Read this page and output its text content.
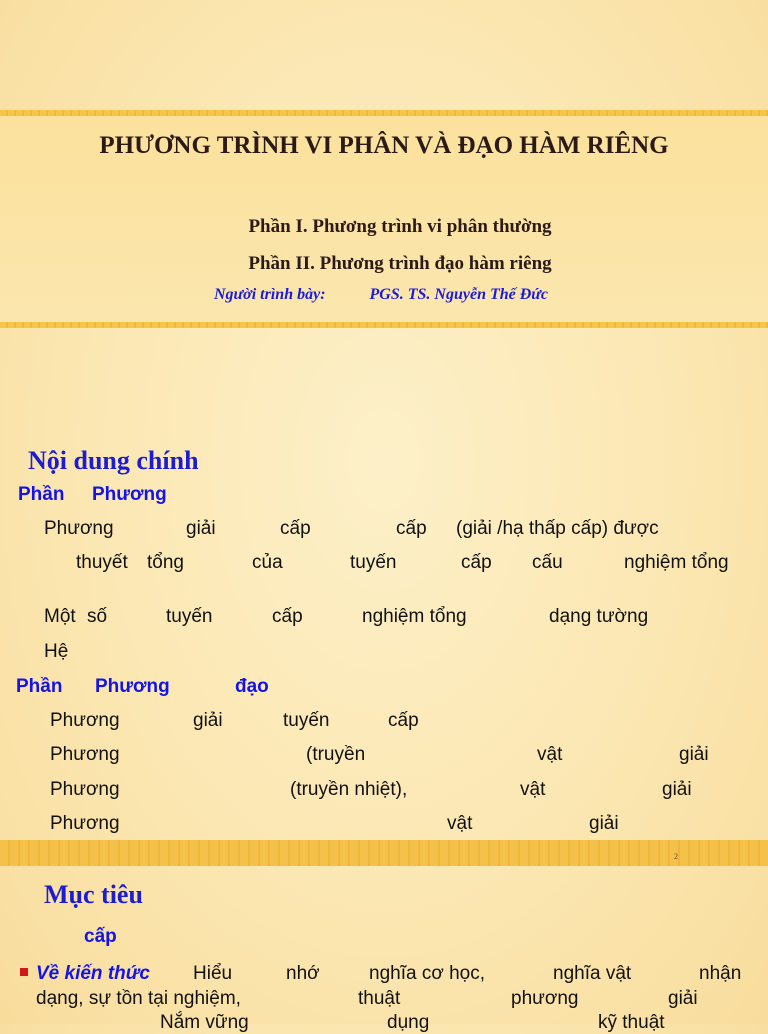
PHƯƠNG TRÌNH VI PHÂN VÀ ĐẠO HÀM RIÊNG
Phần I. Phương trình vi phân thường
Phần II. Phương trình đạo hàm riêng
Người trình bày:	PGS. TS. Nguyễn Thế Đức
Nội dung chính
Phần Phương
Phương	giải	cấp	cấp (giải /hạ thấp cấp) được
thuyết tổng	của	tuyến	cấp cấu	nghiệm tổng
Một số	tuyến	cấp	nghiệm tổng	dạng tường
Hệ
Phần Phương	đạo
Phương	giải	tuyến	cấp
Phương	(truyền	vật	giải
Phương	(truyền nhiệt),	vật	giải
Phương	vật	giải
2
Mục tiêu
cấp
Về kiến thức Hiểu	nhớ	nghĩa cơ học,	nghĩa vật	nhận
dạng, sự tồn tại nghiệm,	thuật	phương	giải
Nắm vững	dụng	kỹ thuật
